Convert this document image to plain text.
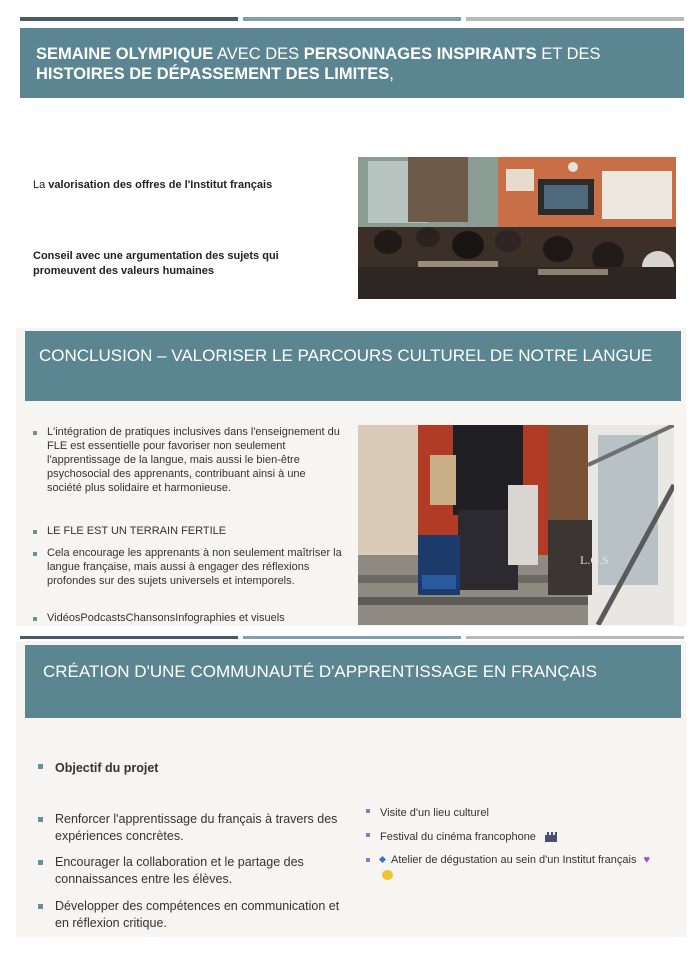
SEMAINE OLYMPIQUE AVEC DES PERSONNAGES INSPIRANTS ET DES
HISTOIRES DE DÉPASSEMENT DES LIMITES,
La valorisation des offres de l'Institut français
Conseil avec une argumentation des sujets qui promeuvent des valeurs humaines
CONCLUSION – VALORISER LE PARCOURS CULTUREL DE NOTRE LANGUE
L'intégration de pratiques inclusives dans l'enseignement du FLE est essentielle pour favoriser non seulement l'apprentissage de la langue, mais aussi le bien-être psychosocial des apprenants, contribuant ainsi à une société plus solidaire et harmonieuse.
LE FLE EST UN TERRAIN FERTILE
Cela encourage les apprenants à non seulement maîtriser la langue française, mais aussi à engager des réflexions profondes sur des sujets universels et intemporels.
VidéosPodcastsChansonsInfographies et visuels
L.O.S
CRÉATION D'UNE COMMUNAUTÉ D'APPRENTISSAGE EN FRANÇAIS
Objectif du projet
Renforcer l'apprentissage du français à travers des expériences concrètes.
Encourager la collaboration et le partage des connaissances entre les élèves.
Développer des compétences en communication et en réflexion critique.
Visite d'un lieu culturel
Festival du cinéma francophone
Atelier de dégustation au sein d'un Institut français ♥
